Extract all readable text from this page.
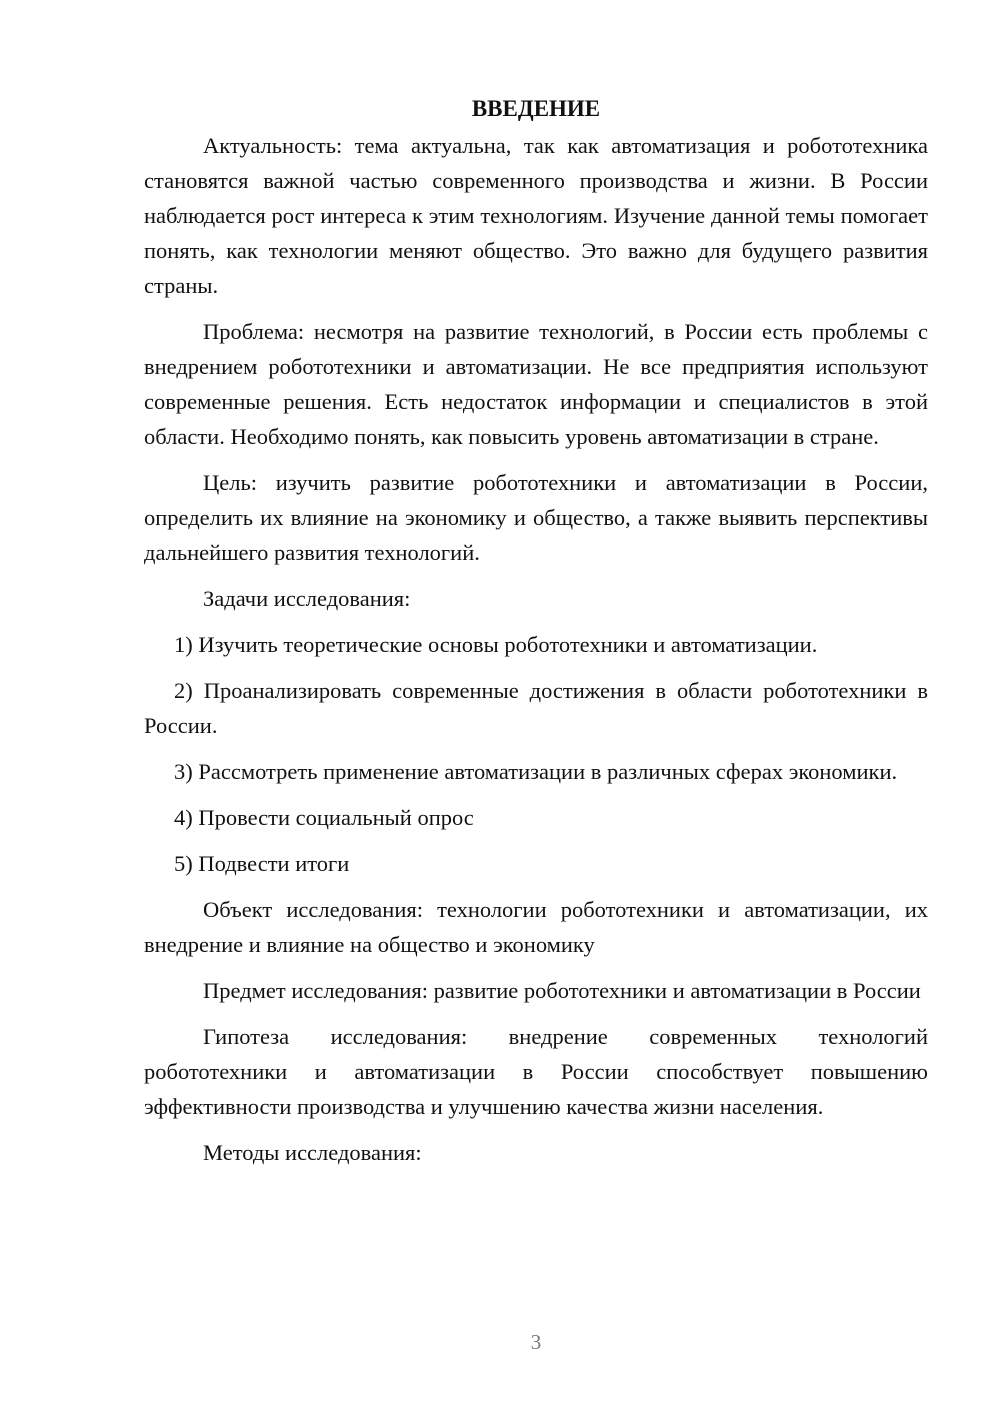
ВВЕДЕНИЕ

Актуальность: тема актуальна, так как автоматизация и робототехника становятся важной частью современного производства и жизни. В России наблюдается рост интереса к этим технологиям. Изучение данной темы помогает понять, как технологии меняют общество. Это важно для будущего развития страны.

Проблема: несмотря на развитие технологий, в России есть проблемы с внедрением робототехники и автоматизации. Не все предприятия используют современные решения. Есть недостаток информации и специалистов в этой области. Необходимо понять, как повысить уровень автоматизации в стране.

Цель: изучить развитие робототехники и автоматизации в России, определить их влияние на экономику и общество, а также выявить перспективы дальнейшего развития технологий.

Задачи исследования:

1) Изучить теоретические основы робототехники и автоматизации.

2) Проанализировать современные достижения в области робототехники в России.

3) Рассмотреть применение автоматизации в различных сферах экономики.

4) Провести социальный опрос

5) Подвести итоги

Объект исследования: технологии робототехники и автоматизации, их внедрение и влияние на общество и экономику

Предмет исследования: развитие робототехники и автоматизации в России

Гипотеза исследования: внедрение современных технологий робототехники и автоматизации в России способствует повышению эффективности производства и улучшению качества жизни населения.

Методы исследования:

3
